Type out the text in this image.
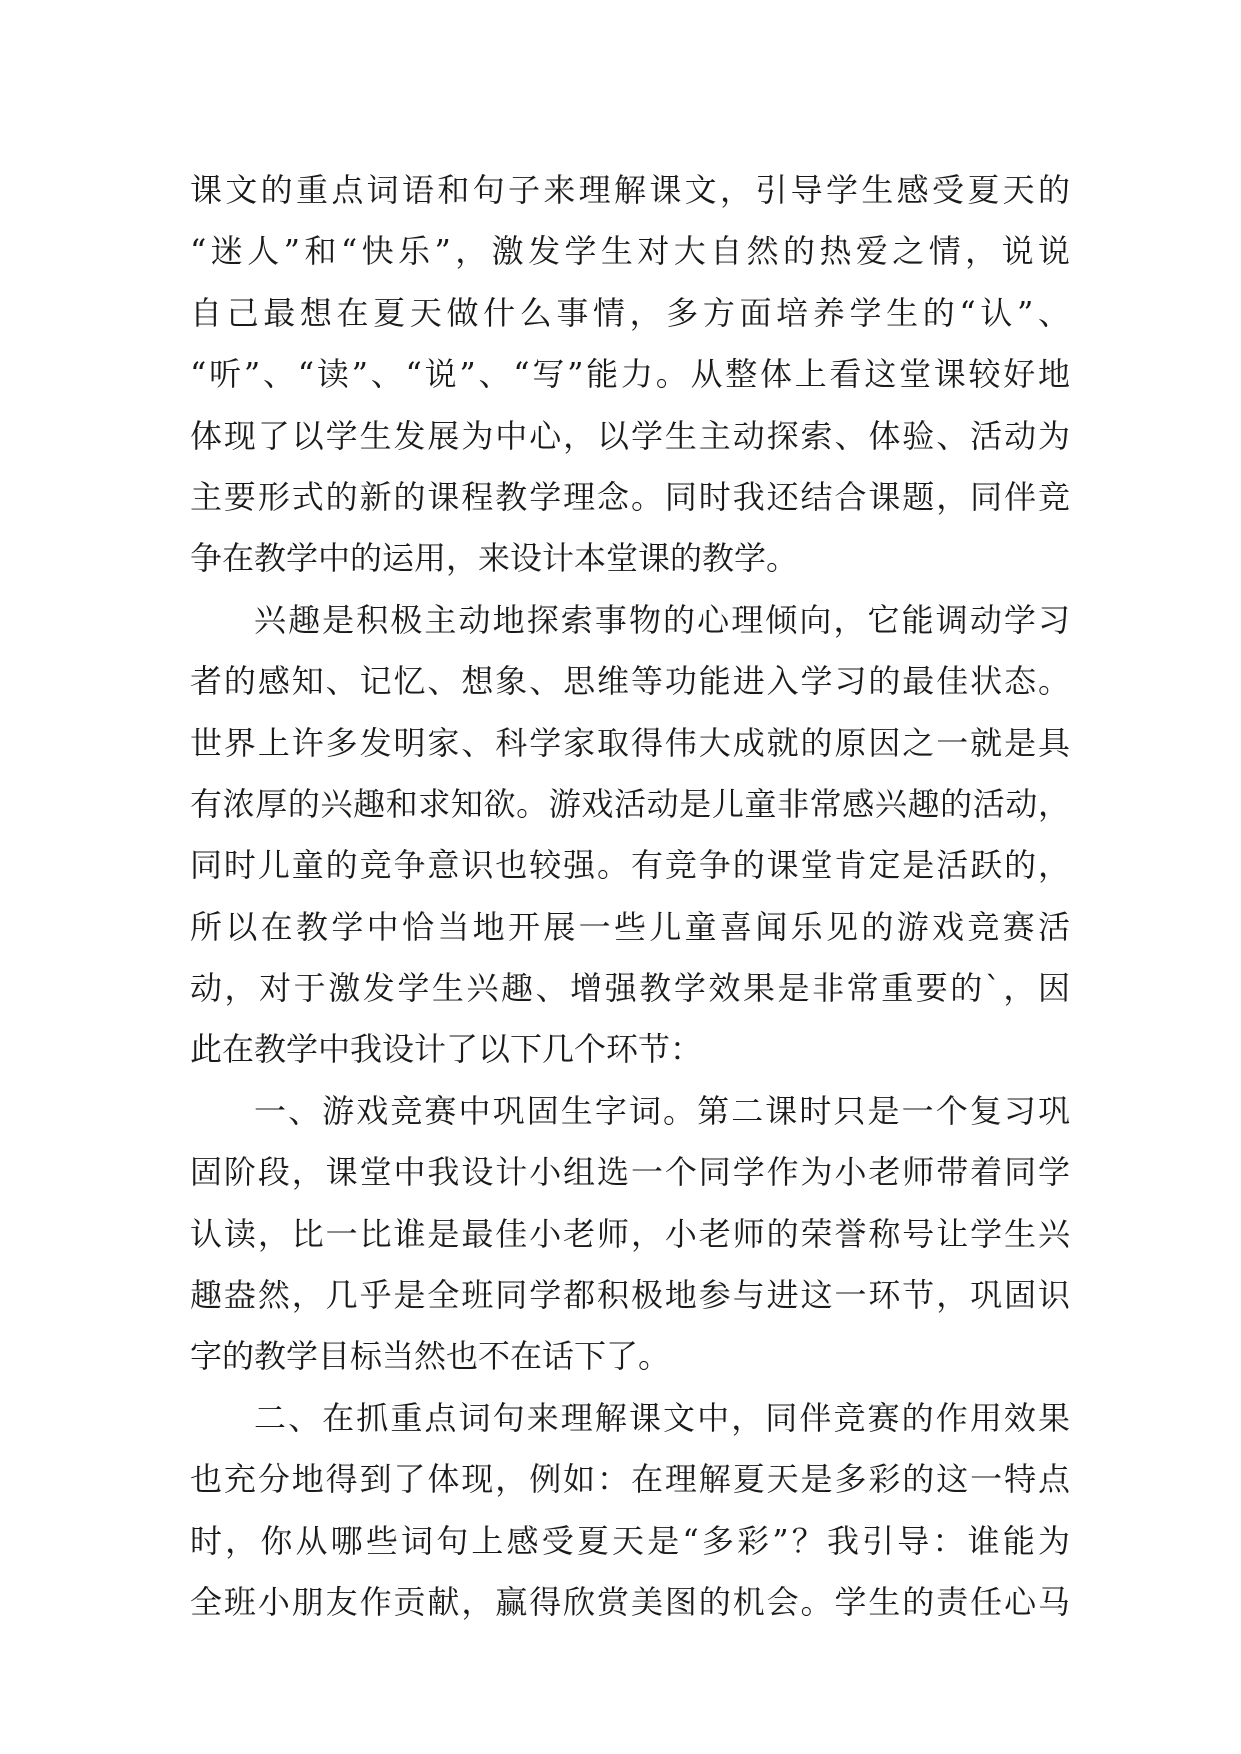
课文的重点词语和句子来理解课文，引导学生感受夏天的
“迷人”和“快乐”，激发学生对大自然的热爱之情，说说
自己最想在夏天做什么事情，多方面培养学生的“认”、
“听”、“读”、“说”、“写”能力。从整体上看这堂课较好地
体现了以学生发展为中心，以学生主动探索、体验、活动为
主要形式的新的课程教学理念。同时我还结合课题，同伴竞
争在教学中的运用，来设计本堂课的教学。
兴趣是积极主动地探索事物的心理倾向，它能调动学习
者的感知、记忆、想象、思维等功能进入学习的最佳状态。
世界上许多发明家、科学家取得伟大成就的原因之一就是具
有浓厚的兴趣和求知欲。游戏活动是儿童非常感兴趣的活动，
同时儿童的竞争意识也较强。有竞争的课堂肯定是活跃的，
所以在教学中恰当地开展一些儿童喜闻乐见的游戏竞赛活
动，对于激发学生兴趣、增强教学效果是非常重要的`，因
此在教学中我设计了以下几个环节：
一、游戏竞赛中巩固生字词。第二课时只是一个复习巩
固阶段，课堂中我设计小组选一个同学作为小老师带着同学
认读，比一比谁是最佳小老师，小老师的荣誉称号让学生兴
趣盎然，几乎是全班同学都积极地参与进这一环节，巩固识
字的教学目标当然也不在话下了。
二、在抓重点词句来理解课文中，同伴竞赛的作用效果
也充分地得到了体现，例如：在理解夏天是多彩的这一特点
时，你从哪些词句上感受夏天是“多彩”？我引导：谁能为
全班小朋友作贡献，赢得欣赏美图的机会。学生的责任心马
